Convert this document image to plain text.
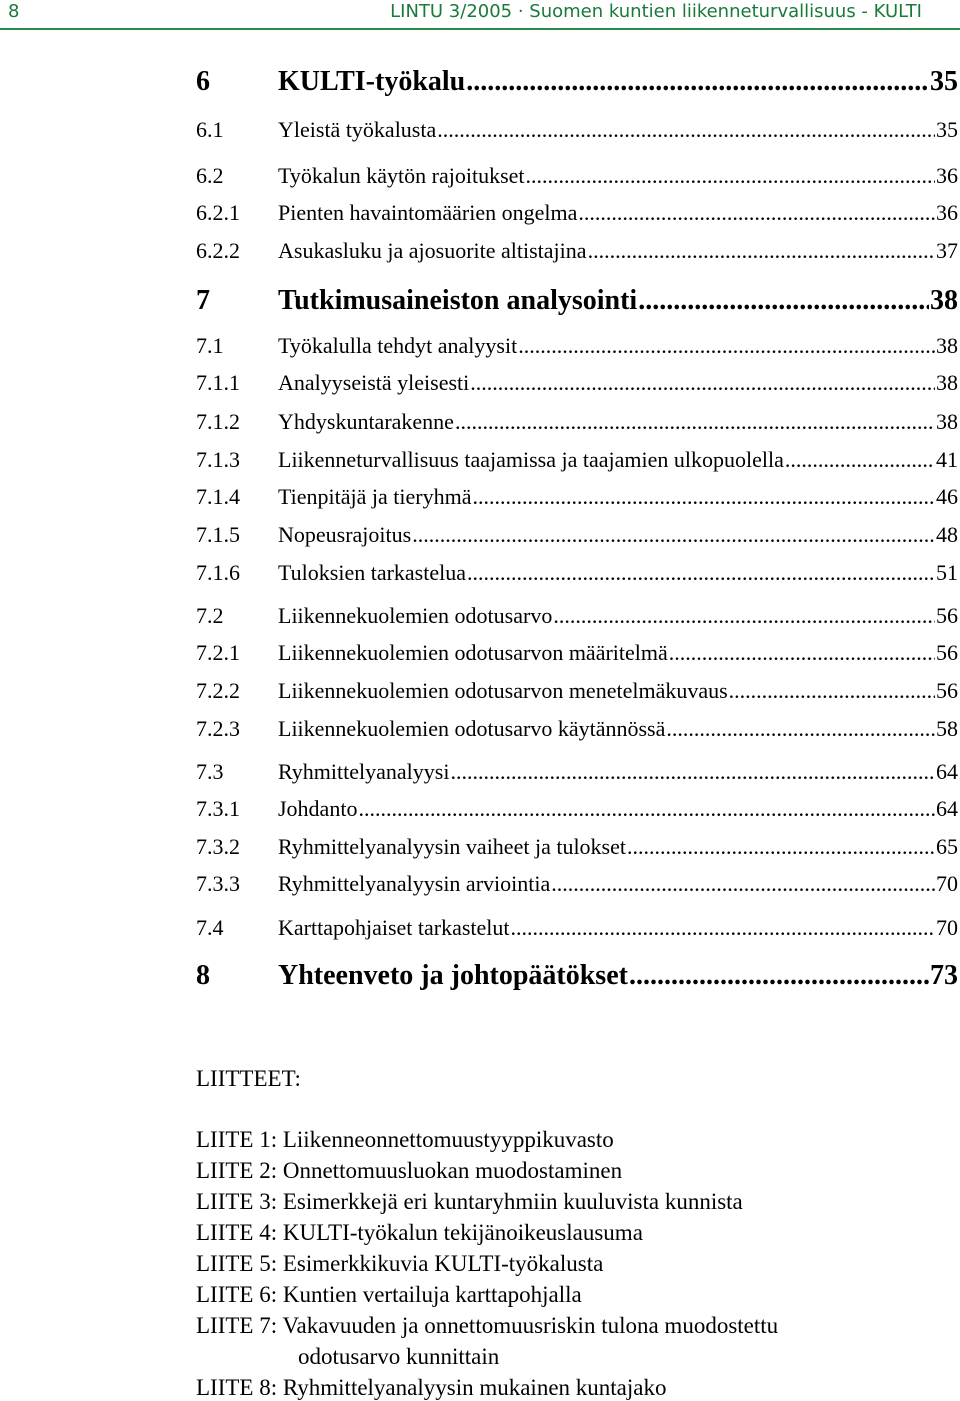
8	LINTU 3/2005 · Suomen kuntien liikenneturvallisuus - KULTI
6	KULTI-työkalu .....	35
6.1	Yleistä työkalusta .....	35
6.2	Työkalun käytön rajoitukset .....	36
6.2.1	Pienten havaintomäärien ongelma .....	36
6.2.2	Asukasluku ja ajosuorite altistajina .....	37
7	Tutkimusaineiston analysointi .....	38
7.1	Työkalulla tehdyt analyysit .....	38
7.1.1	Analyyseistä yleisesti .....	38
7.1.2	Yhdyskuntarakenne .....	38
7.1.3	Liikenneturvallisuus taajamissa ja taajamien ulkopuolella .....	41
7.1.4	Tienpitäjä ja tieryhmä .....	46
7.1.5	Nopeusrajoitus .....	48
7.1.6	Tuloksien tarkastelua .....	51
7.2	Liikennekuolemien odotusarvo .....	56
7.2.1	Liikennekuolemien odotusarvon määritelmä .....	56
7.2.2	Liikennekuolemien odotusarvon menetelmäkuvaus .....	56
7.2.3	Liikennekuolemien odotusarvo käytännössä .....	58
7.3	Ryhmittelyanalyysi .....	64
7.3.1	Johdanto .....	64
7.3.2	Ryhmittelyanalyysin vaiheet ja tulokset .....	65
7.3.3	Ryhmittelyanalyysin arviointia .....	70
7.4	Karttapohjaiset tarkastelut .....	70
8	Yhteenveto ja johtopäätökset .....	73
LIITTEET:
LIITE 1: Liikenneonnettomuustyyppikuvasto
LIITE 2: Onnettomuusluokan muodostaminen
LIITE 3: Esimerkkejä eri kuntaryhmiin kuuluvista kunnista
LIITE 4: KULTI-työkalun tekijänoikeuslausuma
LIITE 5: Esimerkkikuvia KULTI-työkalusta
LIITE 6: Kuntien vertailuja karttapohjalla
LIITE 7: Vakavuuden ja onnettomuusriskin tulona muodostettu
odotusarvo kunnittain
LIITE 8: Ryhmittelyanalyysin mukainen kuntajako
